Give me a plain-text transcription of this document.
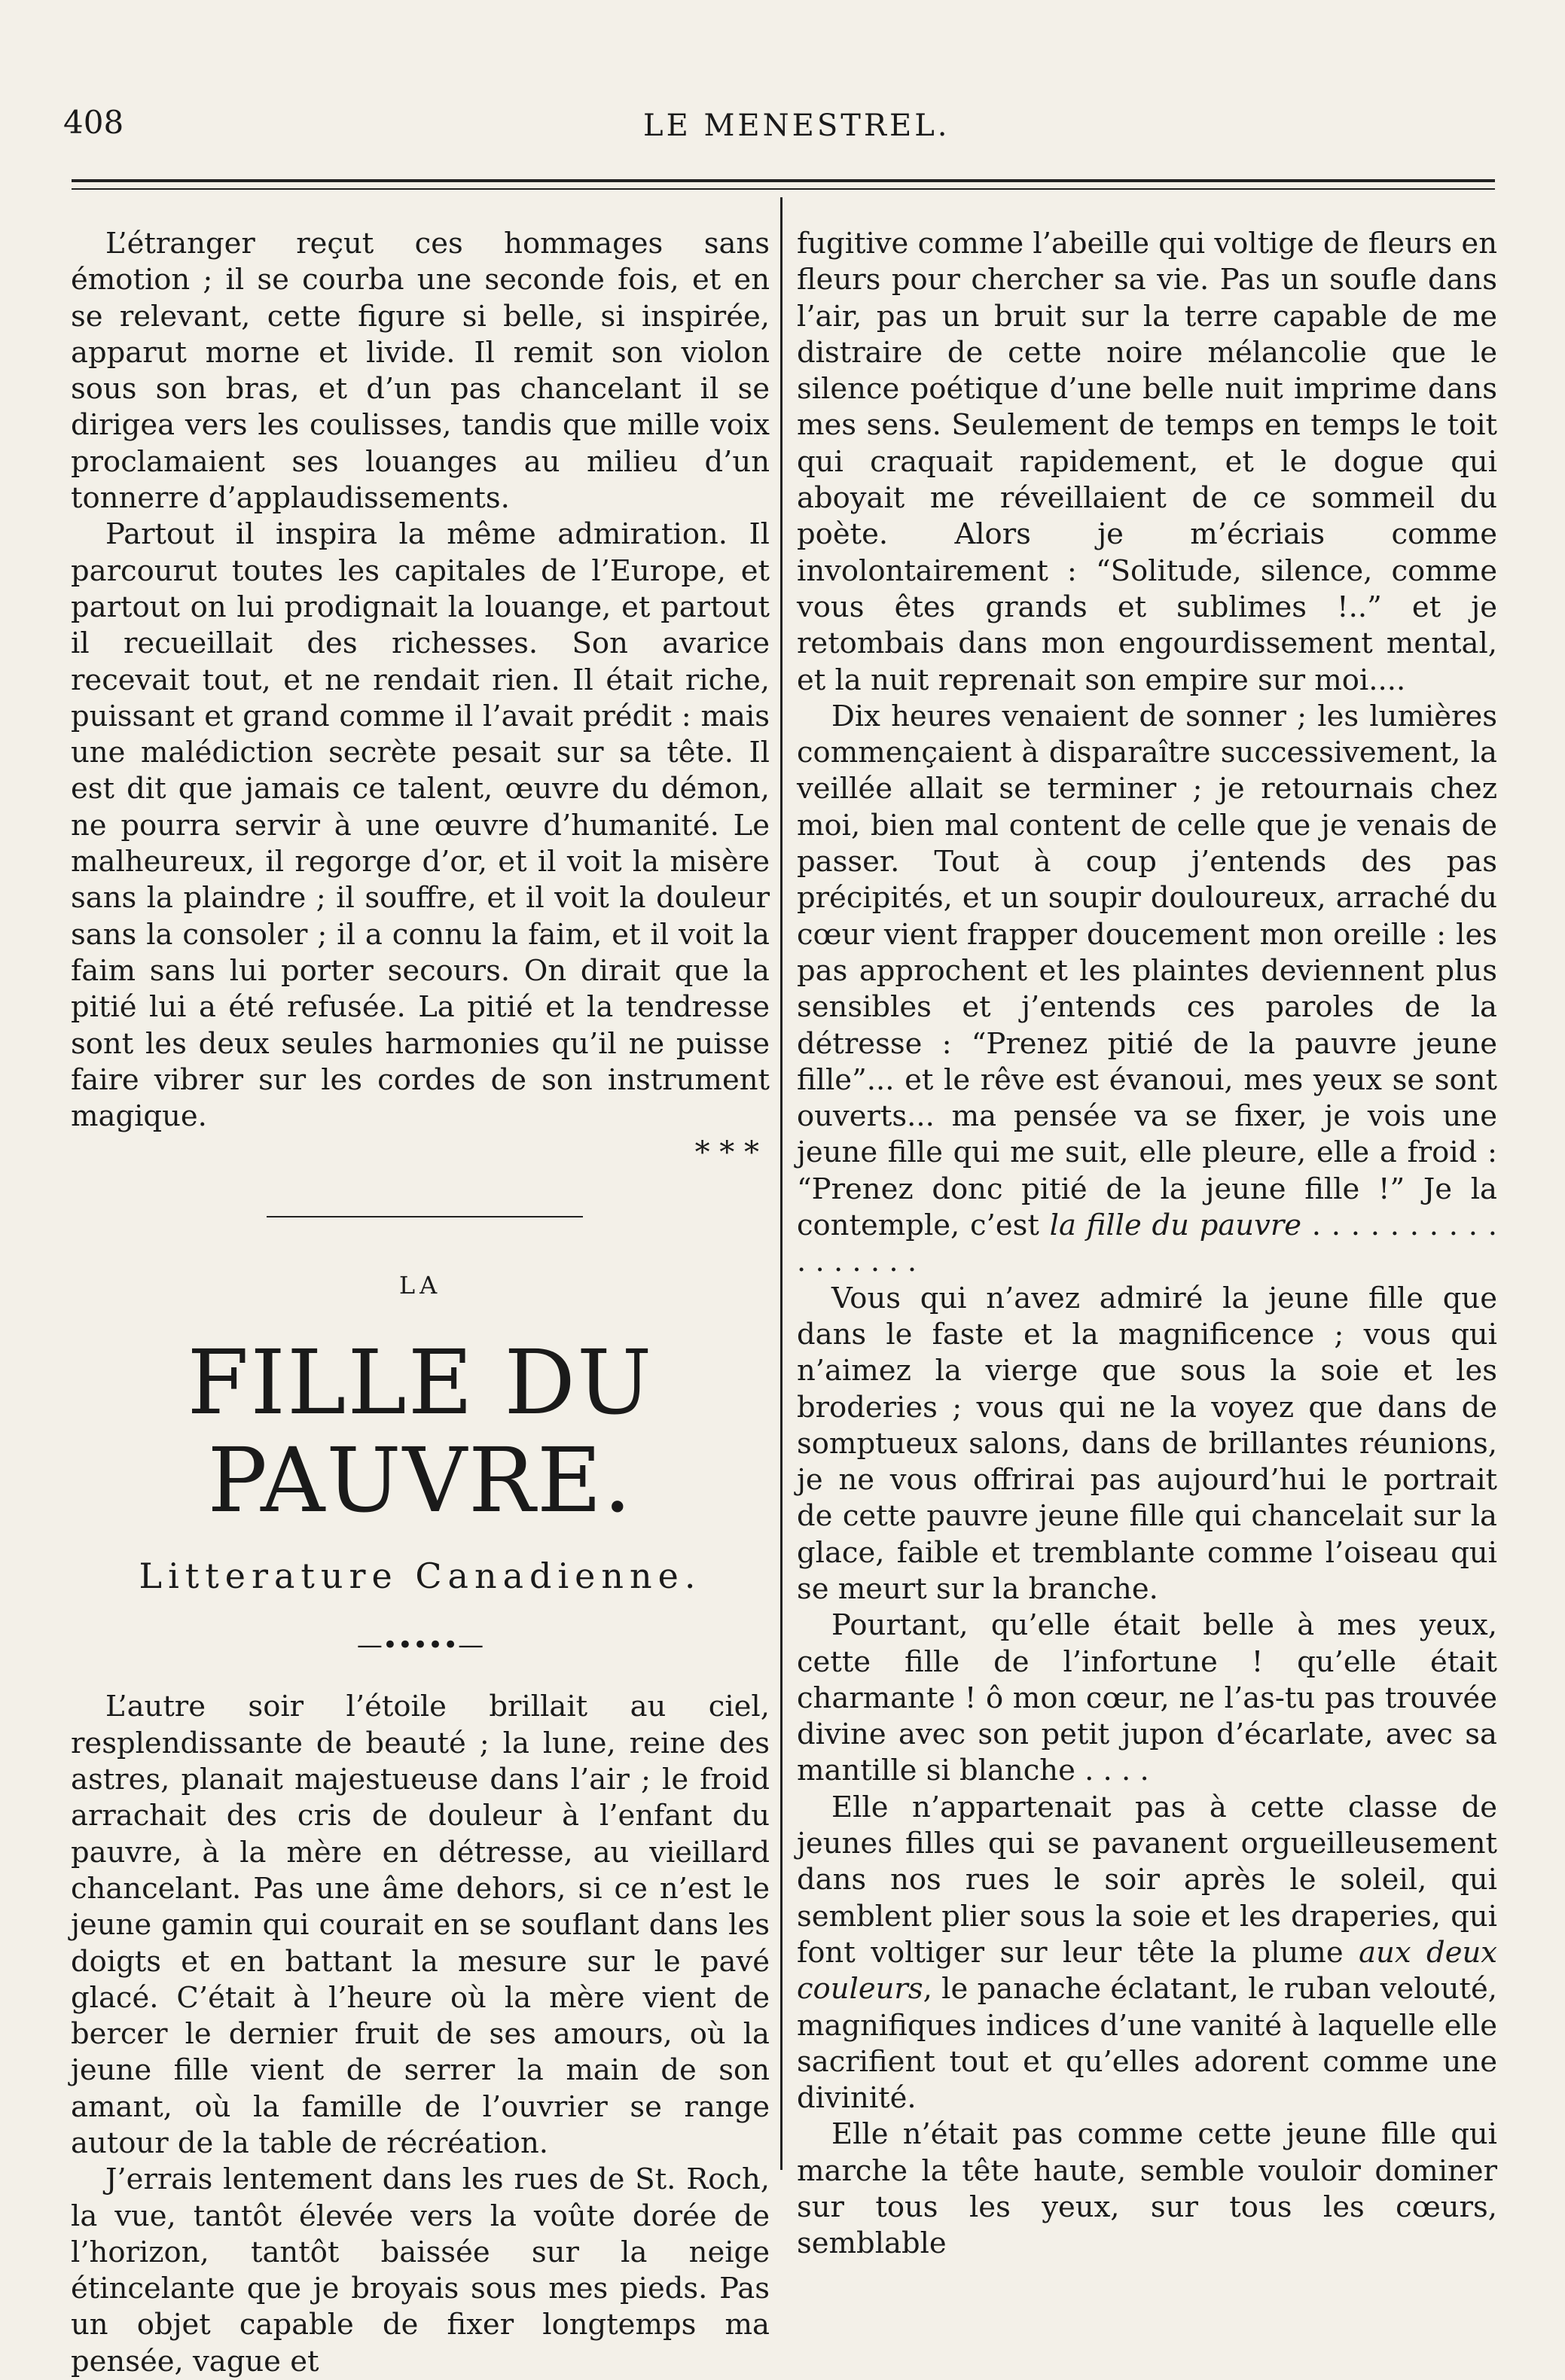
408	LE MENESTREL.

L’étranger reçut ces hommages sans émotion ; il se courba une seconde fois, et en se relevant, cette figure si belle, si inspirée, apparut morne et livide. Il remit son violon sous son bras, et d’un pas chancelant il se dirigea vers les coulisses, tandis que mille voix proclamaient ses louanges au milieu d’un tonnerre d’applaudissements.

Partout il inspira la même admiration. Il parcourut toutes les capitales de l’Europe, et partout on lui prodignait la louange, et partout il recueillait des richesses. Son avarice recevait tout, et ne rendait rien. Il était riche, puissant et grand comme il l’avait prédit : mais une malédiction secrète pesait sur sa tête. Il est dit que jamais ce talent, œuvre du démon, ne pourra servir à une œuvre d’humanité. Le malheureux, il regorge d’or, et il voit la misère sans la plaindre ; il souffre, et il voit la douleur sans la consoler ; il a connu la faim, et il voit la faim sans lui porter secours. On dirait que la pitié lui a été refusée. La pitié et la tendresse sont les deux seules harmonies qu’il ne puisse faire vibrer sur les cordes de son instrument magique.

* * *

LA
FILLE DU PAUVRE.
Litterature Canadienne.
—•••••—

L’autre soir l’étoile brillait au ciel, resplendissante de beauté ; la lune, reine des astres, planait majestueuse dans l’air ; le froid arrachait des cris de douleur à l’enfant du pauvre, à la mère en détresse, au vieillard chancelant. Pas une âme dehors, si ce n’est le jeune gamin qui courait en se souflant dans les doigts et en battant la mesure sur le pavé glacé. C’était à l’heure où la mère vient de bercer le dernier fruit de ses amours, où la jeune fille vient de serrer la main de son amant, où la famille de l’ouvrier se range autour de la table de récréation.

J’errais lentement dans les rues de St. Roch, la vue, tantôt élevée vers la voûte dorée de l’horizon, tantôt baissée sur la neige étincelante que je broyais sous mes pieds. Pas un objet capable de fixer longtemps ma pensée, vague et

fugitive comme l’abeille qui voltige de fleurs en fleurs pour chercher sa vie. Pas un soufle dans l’air, pas un bruit sur la terre capable de me distraire de cette noire mélancolie que le silence poétique d’une belle nuit imprime dans mes sens. Seulement de temps en temps le toit qui craquait rapidement, et le dogue qui aboyait me réveillaient de ce sommeil du poète. Alors je m’écriais comme involontairement : “Solitude, silence, comme vous êtes grands et sublimes !..” et je retombais dans mon engourdissement mental, et la nuit reprenait son empire sur moi....

Dix heures venaient de sonner ; les lumières commençaient à disparaître successivement, la veillée allait se terminer ; je retournais chez moi, bien mal content de celle que je venais de passer. Tout à coup j’entends des pas précipités, et un soupir douloureux, arraché du cœur vient frapper doucement mon oreille : les pas approchent et les plaintes deviennent plus sensibles et j’entends ces paroles de la détresse : “Prenez pitié de la pauvre jeune fille”... et le rêve est évanoui, mes yeux se sont ouverts... ma pensée va se fixer, je vois une jeune fille qui me suit, elle pleure, elle a froid : “Prenez donc pitié de la jeune fille !” Je la contemple, c’est la fille du pauvre . . . . . . . . . . . . . . . . .

Vous qui n’avez admiré la jeune fille que dans le faste et la magnificence ; vous qui n’aimez la vierge que sous la soie et les broderies ; vous qui ne la voyez que dans de somptueux salons, dans de brillantes réunions, je ne vous offrirai pas aujourd’hui le portrait de cette pauvre jeune fille qui chancelait sur la glace, faible et tremblante comme l’oiseau qui se meurt sur la branche.

Pourtant, qu’elle était belle à mes yeux, cette fille de l’infortune ! qu’elle était charmante ! ô mon cœur, ne l’as-tu pas trouvée divine avec son petit jupon d’écarlate, avec sa mantille si blanche . . . .

Elle n’appartenait pas à cette classe de jeunes filles qui se pavanent orgueilleusement dans nos rues le soir après le soleil, qui semblent plier sous la soie et les draperies, qui font voltiger sur leur tête la plume aux deux couleurs, le panache éclatant, le ruban velouté, magnifiques indices d’une vanité à laquelle elle sacrifient tout et qu’elles adorent comme une divinité.

Elle n’était pas comme cette jeune fille qui marche la tête haute, semble vouloir dominer sur tous les yeux, sur tous les cœurs, semblable
